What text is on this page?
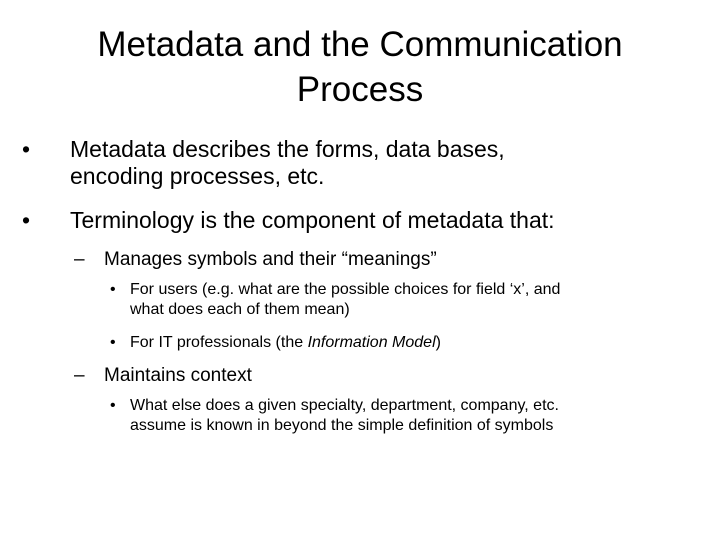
Metadata and the Communication
Process
• Metadata describes the forms, data bases,
encoding processes, etc.
• Terminology is the component of metadata that:
– Manages symbols and their “meanings”
• For users (e.g. what are the possible choices for field ‘x’, and
what does each of them mean)
• For IT professionals (the Information Model)
– Maintains context
• What else does a given specialty, department, company, etc.
assume is known in beyond the simple definition of symbols
